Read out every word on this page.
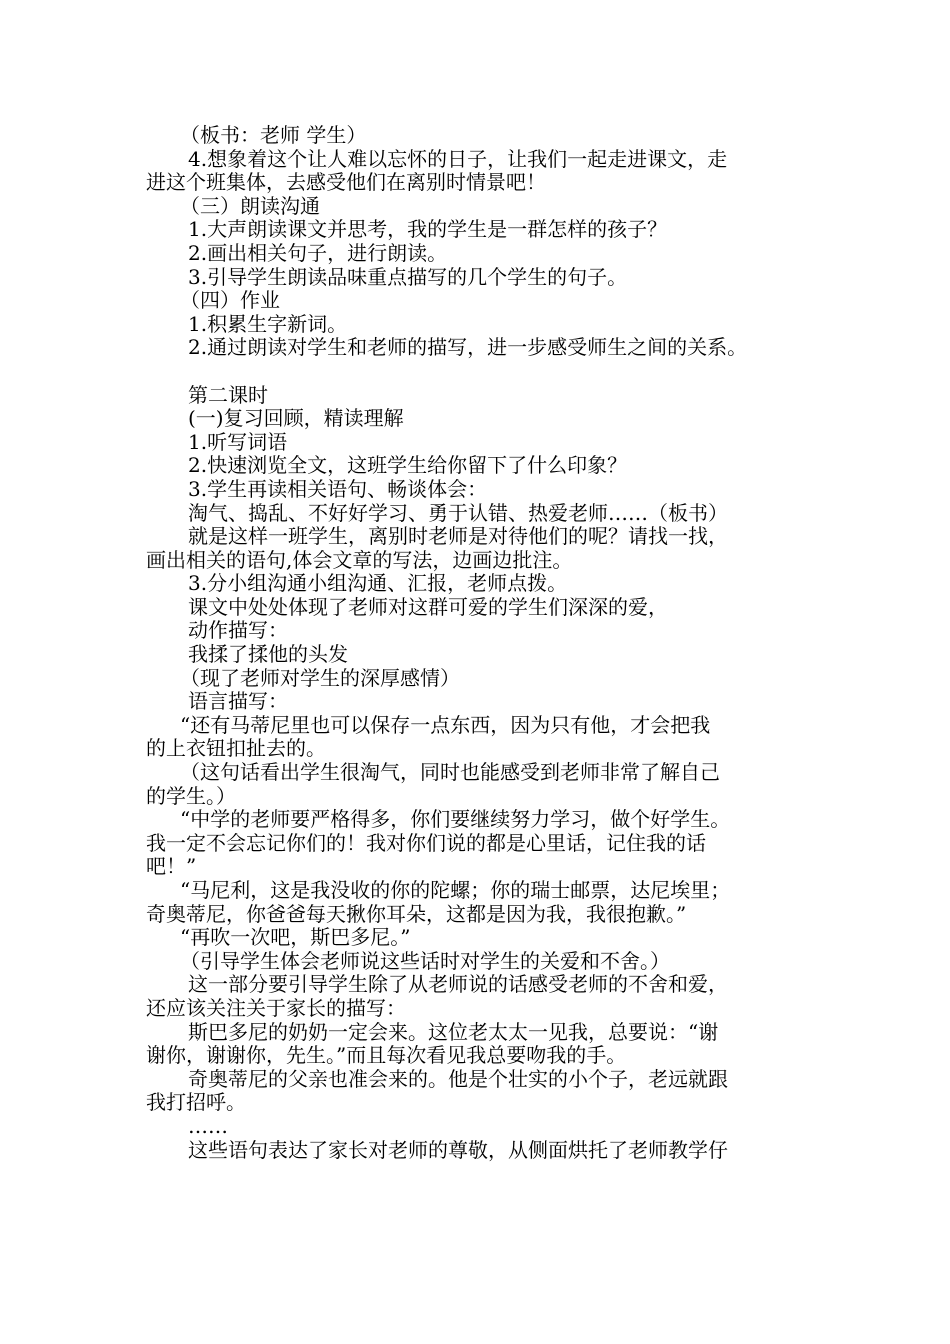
（板书：老师 学生）
4.想象着这个让人难以忘怀的日子，让我们一起走进课文，走
进这个班集体，去感受他们在离别时情景吧！
（三）朗读沟通
1.大声朗读课文并思考，我的学生是一群怎样的孩子？
2.画出相关句子，进行朗读。
3.引导学生朗读品味重点描写的几个学生的句子。
（四）作业
1.积累生字新词。
2.通过朗读对学生和老师的描写，进一步感受师生之间的关系。
第二课时
(一)复习回顾，精读理解
1.听写词语
2.快速浏览全文，这班学生给你留下了什么印象？
3.学生再读相关语句、畅谈体会：
淘气、捣乱、不好好学习、勇于认错、热爱老师……（板书）
就是这样一班学生，离别时老师是对待他们的呢？请找一找，
画出相关的语句,体会文章的写法，边画边批注。
3.分小组沟通小组沟通、汇报，老师点拨。
课文中处处体现了老师对这群可爱的学生们深深的爱，
动作描写：
我揉了揉他的头发
（现了老师对学生的深厚感情）
语言描写：
“还有马蒂尼里也可以保存一点东西，因为只有他，才会把我
的上衣钮扣扯去的。
（这句话看出学生很淘气，同时也能感受到老师非常了解自己
的学生。）
“中学的老师要严格得多，你们要继续努力学习，做个好学生。
我一定不会忘记你们的！我对你们说的都是心里话，记住我的话
吧！”
“马尼利，这是我没收的你的陀螺；你的瑞士邮票，达尼埃里；
奇奥蒂尼，你爸爸每天揪你耳朵，这都是因为我，我很抱歉。”
“再吹一次吧，斯巴多尼。”
（引导学生体会老师说这些话时对学生的关爱和不舍。）
这一部分要引导学生除了从老师说的话感受老师的不舍和爱，
还应该关注关于家长的描写：
斯巴多尼的奶奶一定会来。这位老太太一见我，总要说：“谢
谢你，谢谢你，先生。”而且每次看见我总要吻我的手。
奇奥蒂尼的父亲也准会来的。他是个壮实的小个子，老远就跟
我打招呼。
……
这些语句表达了家长对老师的尊敬，从侧面烘托了老师教学仔
